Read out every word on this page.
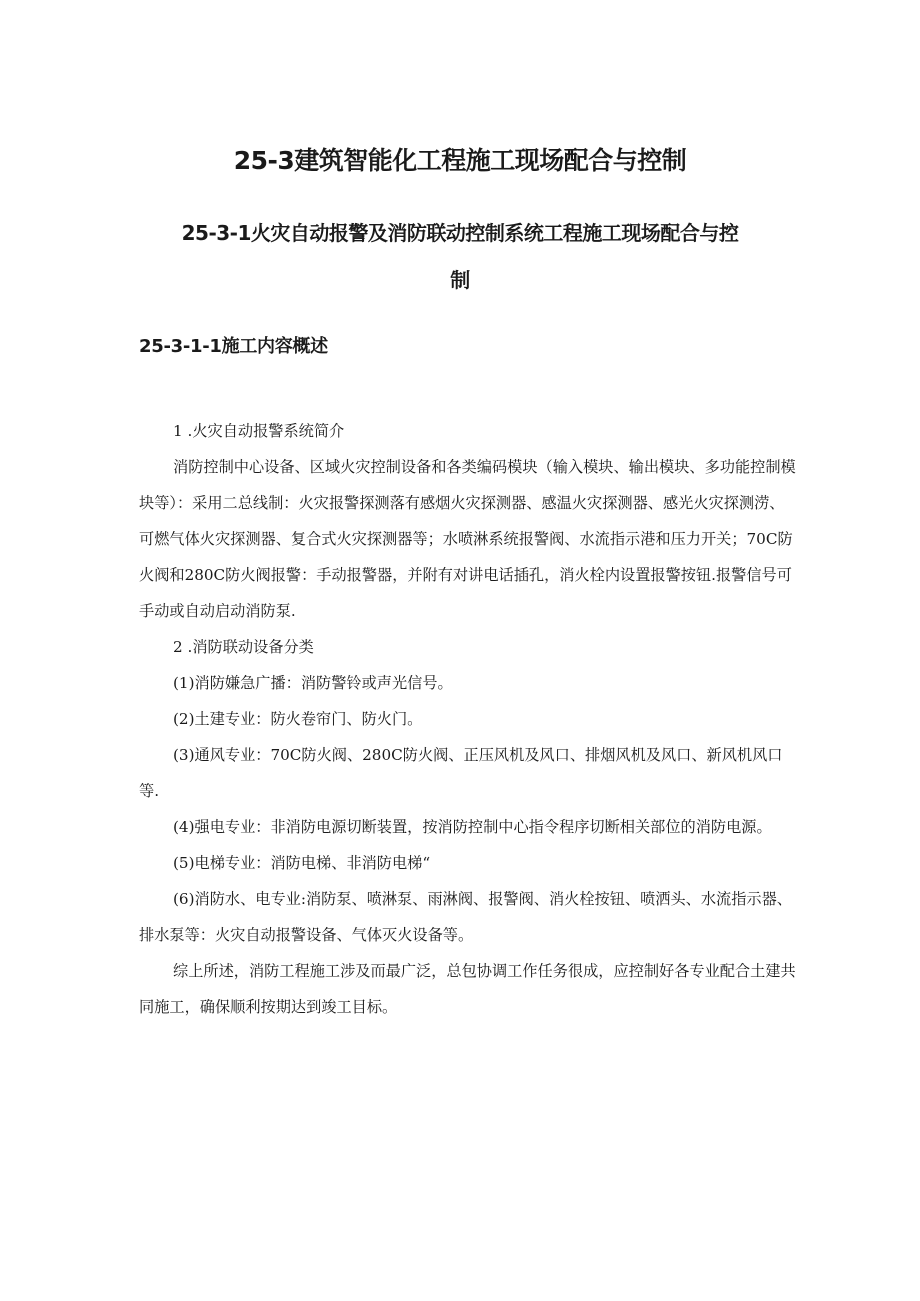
25-3建筑智能化工程施工现场配合与控制
25-3-1火灾自动报警及消防联动控制系统工程施工现场配合与控
制
25-3-1-1施工内容概述

1 .火灾自动报警系统简介

消防控制中心设备、区域火灾控制设备和各类编码模块（输入模块、输出模块、多功能控制模块等）：采用二总线制：火灾报警探测落有感烟火灾探测器、感温火灾探测器、感光火灾探测涝、可燃气体火灾探测器、复合式火灾探测器等；水喷淋系统报警阀、水流指示港和压力开关；70C防火阀和280C防火阀报警：手动报警器，并附有对讲电话插孔，消火栓内设置报警按钮.报警信号可手动或自动启动消防泵.

2 .消防联动设备分类

(1)消防嫌急广播：消防警铃或声光信号。

(2)土建专业：防火卷帘门、防火门。

(3)通风专业：70C防火阀、280C防火阀、正压风机及风口、排烟风机及风口、新风机风口等.

(4)强电专业：非消防电源切断装置，按消防控制中心指令程序切断相关部位的消防电源。

(5)电梯专业：消防电梯、非消防电梯“

(6)消防水、电专业:消防泵、喷淋泵、雨淋阀、报警阀、消火栓按钮、喷洒头、水流指示器、排水泵等：火灾自动报警设备、气体灭火设备等。

综上所述，消防工程施工涉及而最广泛，总包协调工作任务很成，应控制好各专业配合土建共同施工，确保顺利按期达到竣工目标。
